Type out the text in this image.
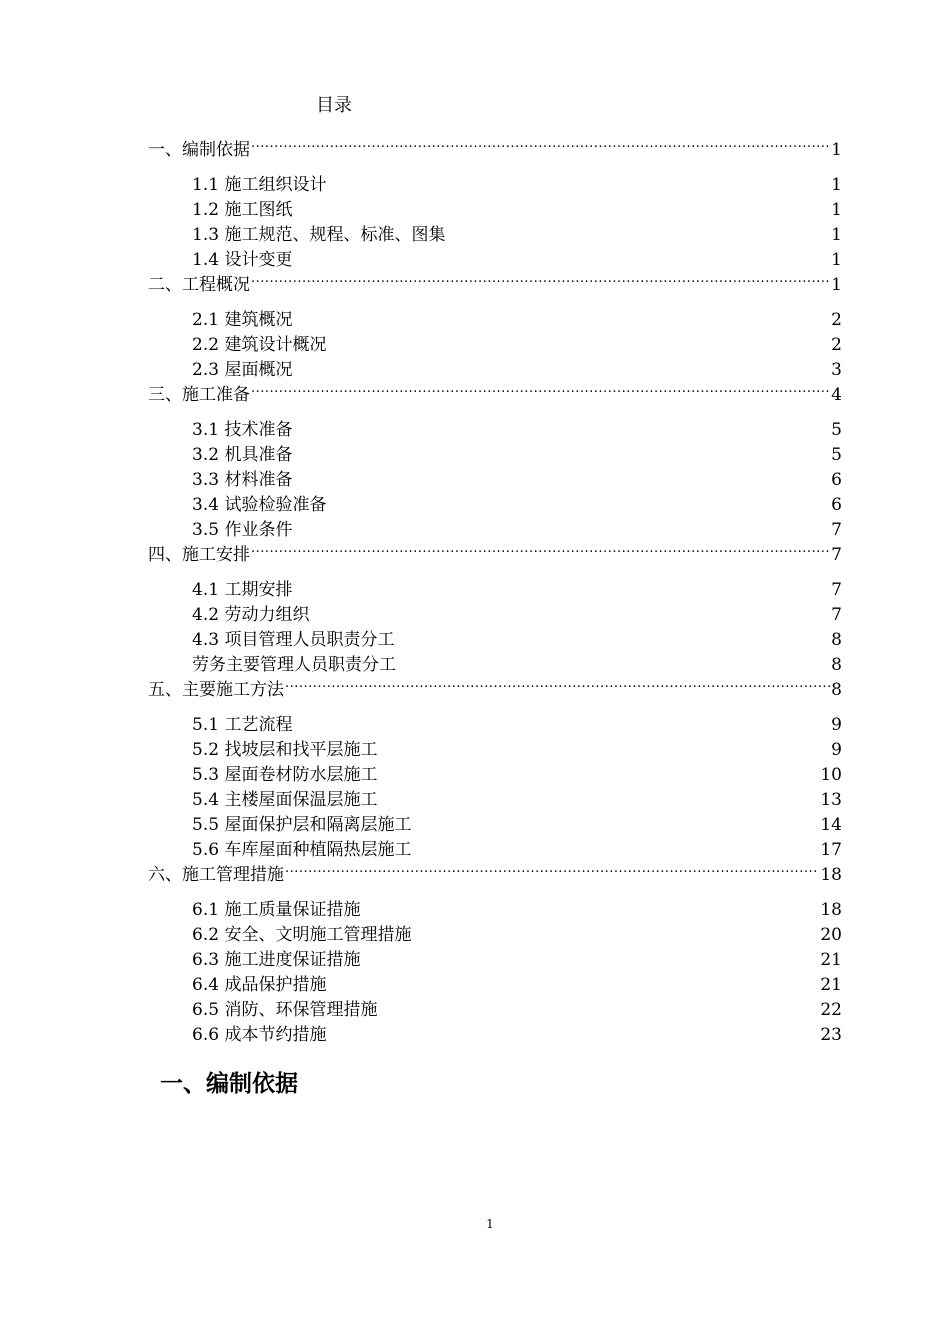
目录
一、编制依据 .....	1
1.1 施工组织设计	1
1.2 施工图纸	1
1.3 施工规范、规程、标准、图集	1
1.4 设计变更	1
二、工程概况 .....	1
2.1 建筑概况	2
2.2 建筑设计概况	2
2.3 屋面概况	3
三、施工准备 .....	4
3.1 技术准备	5
3.2 机具准备	5
3.3 材料准备	6
3.4 试验检验准备	6
3.5 作业条件	7
四、施工安排 .....	7
4.1 工期安排	7
4.2 劳动力组织	7
4.3 项目管理人员职责分工	8
劳务主要管理人员职责分工	8
五、主要施工方法 .....	8
5.1 工艺流程	9
5.2 找坡层和找平层施工	9
5.3 屋面卷材防水层施工	10
5.4 主楼屋面保温层施工	13
5.5 屋面保护层和隔离层施工	14
5.6 车库屋面种植隔热层施工	17
六、施工管理措施 .....	18
6.1 施工质量保证措施	18
6.2 安全、文明施工管理措施	20
6.3 施工进度保证措施	21
6.4 成品保护措施	21
6.5 消防、环保管理措施	22
6.6 成本节约措施	23
一、编制依据
1
